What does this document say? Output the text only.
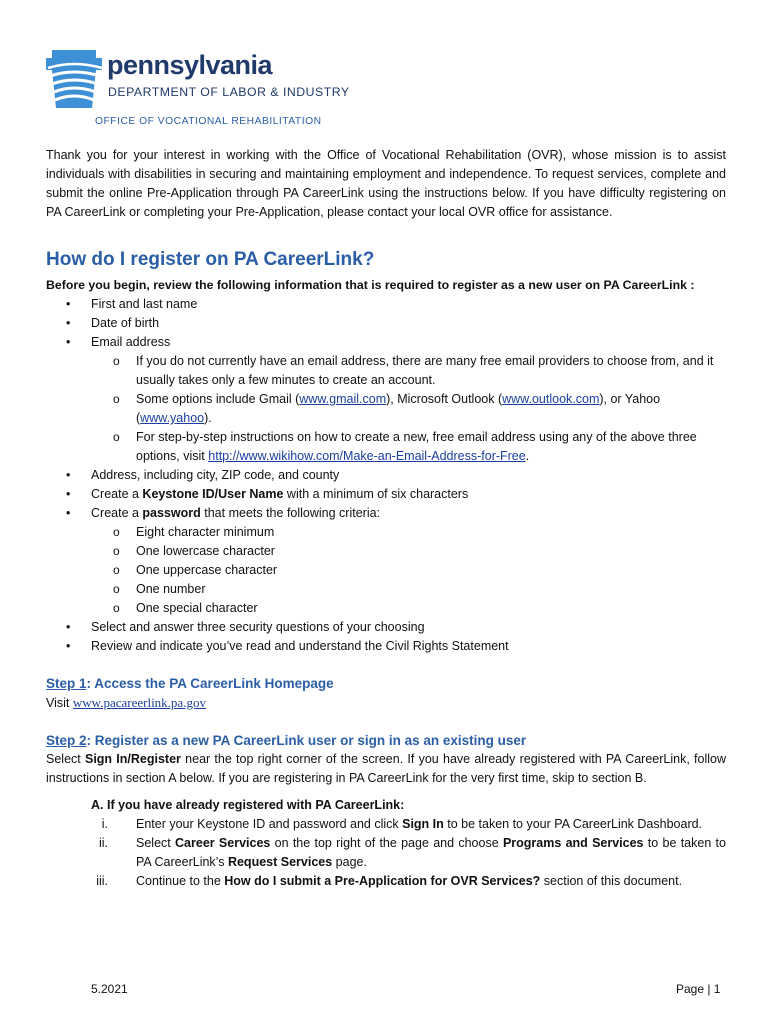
pennsylvania
DEPARTMENT OF LABOR & INDUSTRY
OFFICE OF VOCATIONAL REHABILITATION

Thank you for your interest in working with the Office of Vocational Rehabilitation (OVR), whose mission is to assist individuals with disabilities in securing and maintaining employment and independence. To request services, complete and submit the online Pre-Application through PA CareerLink using the instructions below. If you have difficulty registering on PA CareerLink or completing your Pre-Application, please contact your local OVR office for assistance.

How do I register on PA CareerLink?

Before you begin, review the following information that is required to register as a new user on PA CareerLink :

• First and last name
• Date of birth
• Email address
o If you do not currently have an email address, there are many free email providers to choose from, and it usually takes only a few minutes to create an account.
o Some options include Gmail (www.gmail.com), Microsoft Outlook (www.outlook.com), or Yahoo (www.yahoo).
o For step-by-step instructions on how to create a new, free email address using any of the above three options, visit http://www.wikihow.com/Make-an-Email-Address-for-Free.
• Address, including city, ZIP code, and county
• Create a Keystone ID/User Name with a minimum of six characters
• Create a password that meets the following criteria:
o Eight character minimum
o One lowercase character
o One uppercase character
o One number
o One special character
• Select and answer three security questions of your choosing
• Review and indicate you’ve read and understand the Civil Rights Statement
Step 1: Access the PA CareerLink Homepage

Visit www.pacareerlink.pa.gov

Step 2: Register as a new PA CareerLink user or sign in as an existing user

Select Sign In/Register near the top right corner of the screen. If you have already registered with PA CareerLink, follow instructions in section A below. If you are registering in PA CareerLink for the very first time, skip to section B.

A. If you have already registered with PA CareerLink:

i. Enter your Keystone ID and password and click Sign In to be taken to your PA CareerLink Dashboard.
ii. Select Career Services on the top right of the page and choose Programs and Services to be taken to PA CareerLink’s Request Services page.
iii. Continue to the How do I submit a Pre-Application for OVR Services? section of this document.
5.2021	Page | 1
